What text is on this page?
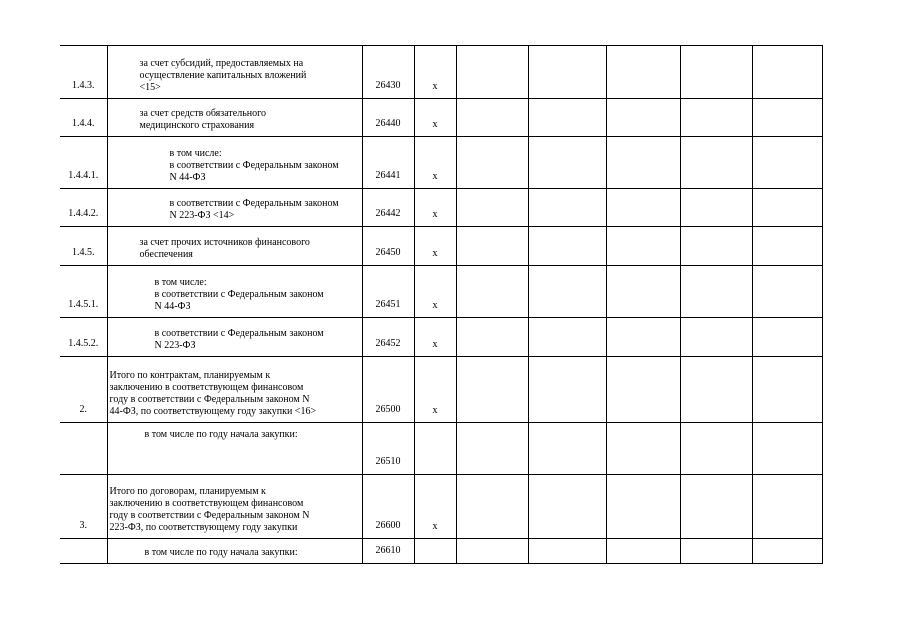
1.4.3.	за счет субсидий, предоставляемых на
осуществление капитальных вложений
<15>	26430	x					
1.4.4.	за счет средств обязательного
медицинского страхования	26440	x					
1.4.4.1.	в том числе:
в соответствии с Федеральным законом
N 44-ФЗ	26441	x					
1.4.4.2.	в соответствии с Федеральным законом
N 223-ФЗ <14>	26442	x					
1.4.5.	за счет прочих источников финансового
обеспечения	26450	x					
1.4.5.1.	в том числе:
в соответствии с Федеральным законом
N 44-ФЗ	26451	x					
1.4.5.2.	в соответствии с Федеральным законом
N 223-ФЗ	26452	x					
2.	Итого по контрактам, планируемым к
заключению в соответствующем финансовом
году в соответствии с Федеральным законом N
44-ФЗ, по соответствующему году закупки <16>	26500	x					

	в том числе по году начала закупки:	26510						
3.	Итого по договорам, планируемым к
заключению в соответствующем финансовом
году в соответствии с Федеральным законом N
223-ФЗ, по соответствующему году закупки	26600	x					

	в том числе по году начала закупки:	26610						
